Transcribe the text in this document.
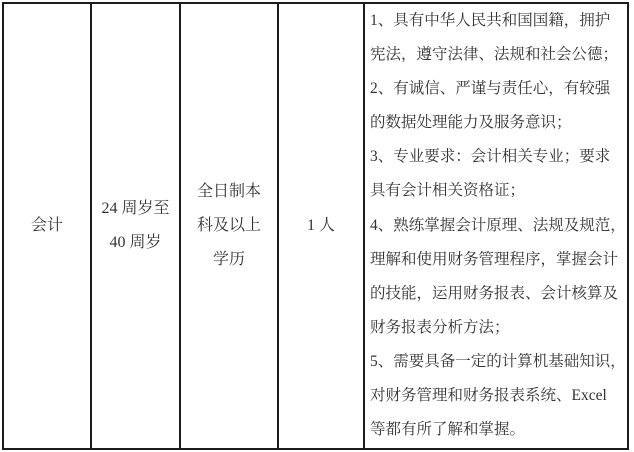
会计
24 周岁至
40 周岁
全日制本
科及以上
学历
1 人
1、具有中华人民共和国国籍，拥护
宪法，遵守法律、法规和社会公德；
2、有诚信、严谨与责任心，有较强
的数据处理能力及服务意识；
3、专业要求：会计相关专业；要求
具有会计相关资格证；
4、熟练掌握会计原理、法规及规范，
理解和使用财务管理程序，掌握会计
的技能，运用财务报表、会计核算及
财务报表分析方法；
5、需要具备一定的计算机基础知识，
对财务管理和财务报表系统、Excel
等都有所了解和掌握。
